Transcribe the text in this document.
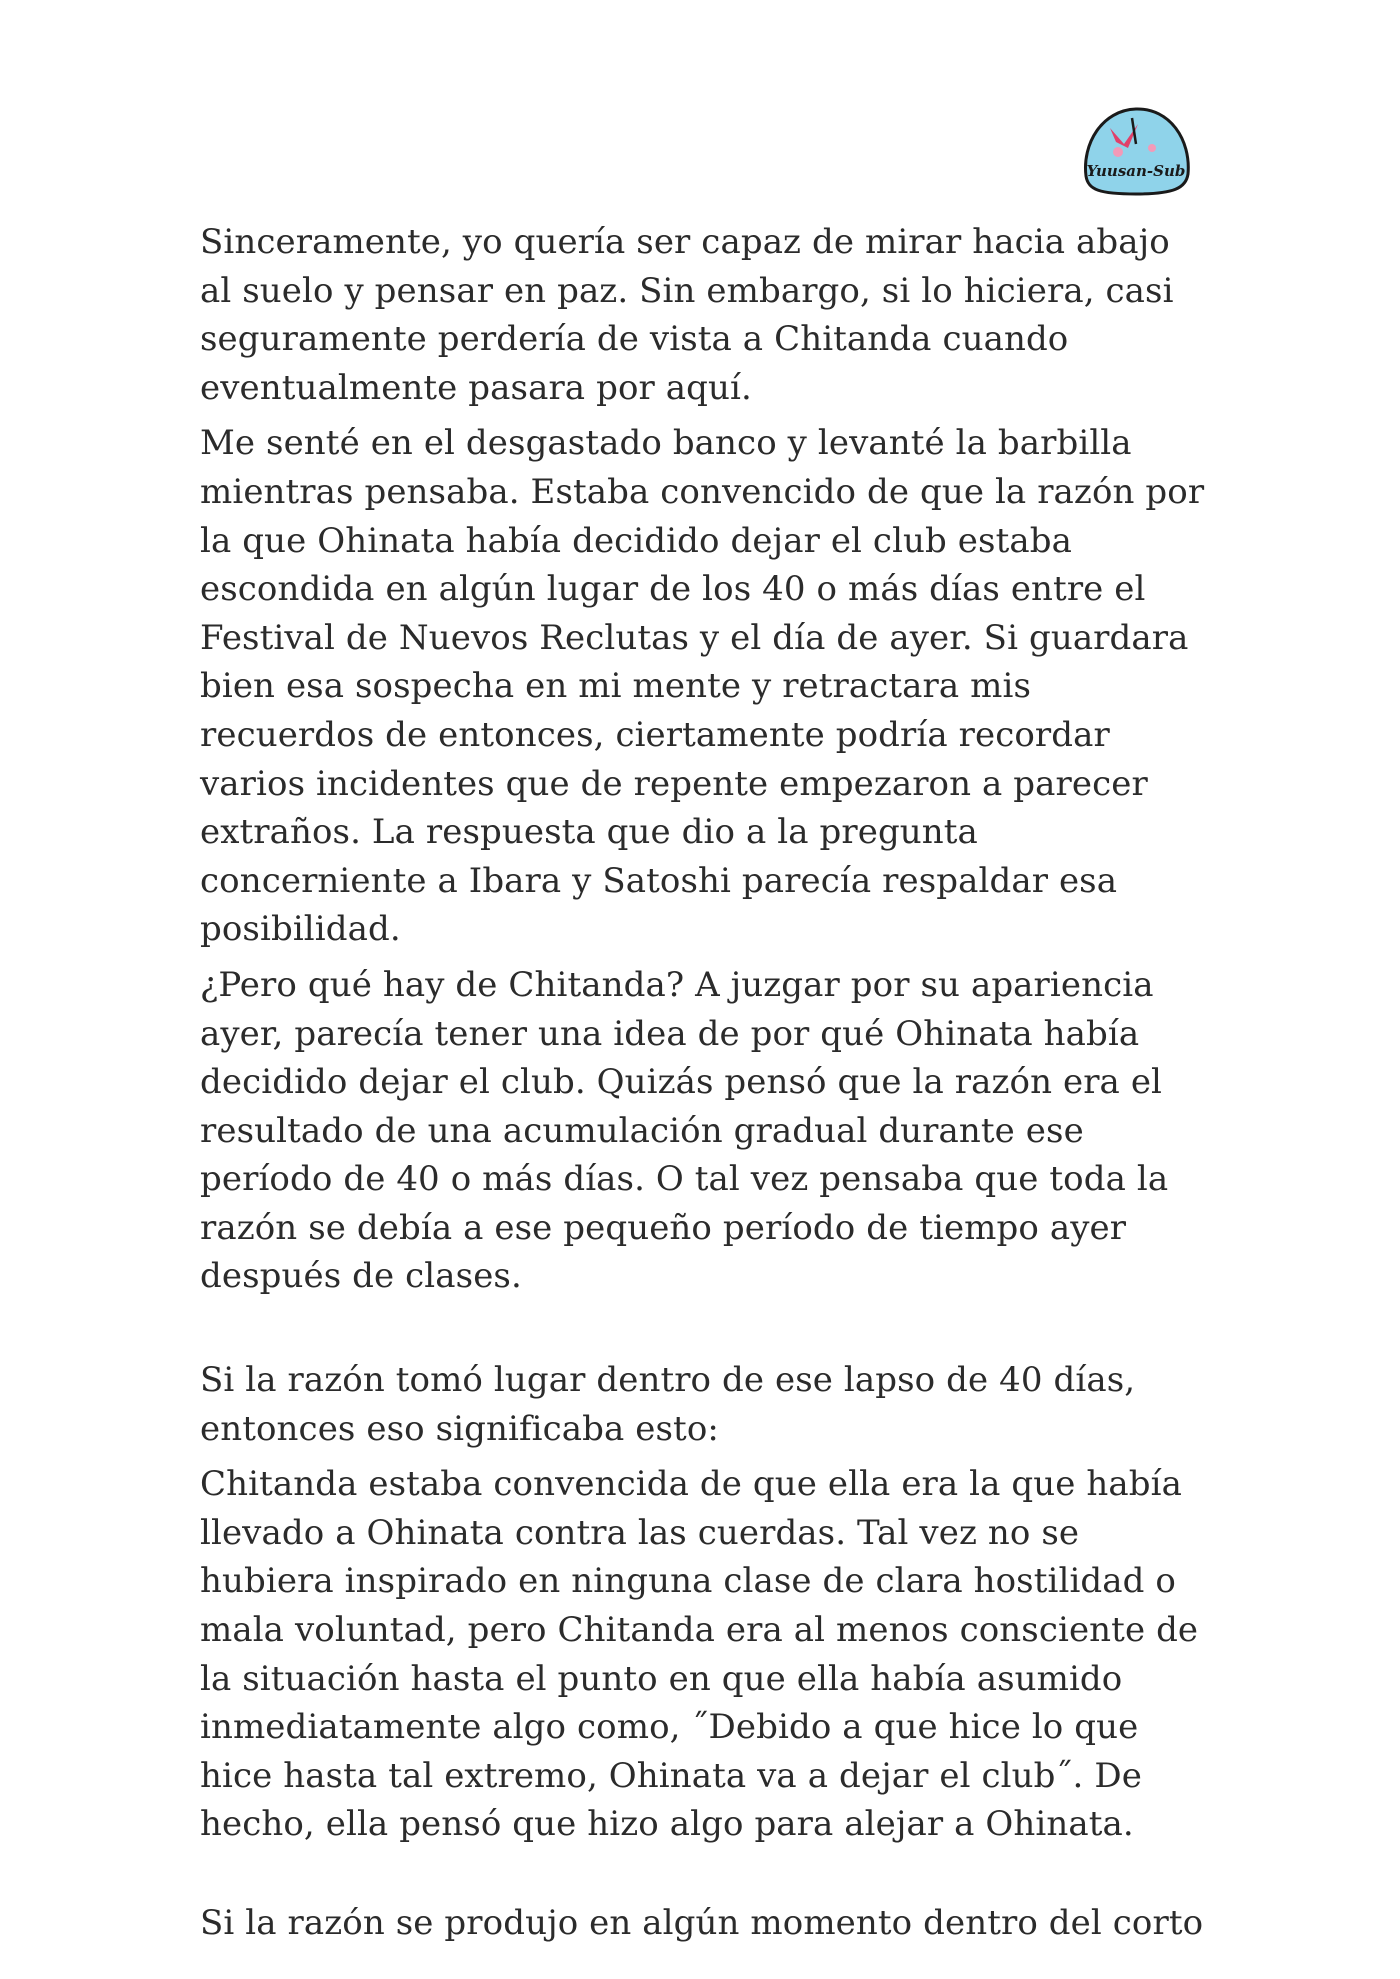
Yuusan-Sub

Sinceramente, yo quería ser capaz de mirar hacia abajo al suelo y pensar en paz. Sin embargo, si lo hiciera, casi seguramente perdería de vista a Chitanda cuando eventualmente pasara por aquí.

Me senté en el desgastado banco y levanté la barbilla mientras pensaba. Estaba convencido de que la razón por la que Ohinata había decidido dejar el club estaba escondida en algún lugar de los 40 o más días entre el Festival de Nuevos Reclutas y el día de ayer. Si guardara bien esa sospecha en mi mente y retractara mis recuerdos de entonces, ciertamente podría recordar varios incidentes que de repente empezaron a parecer extraños. La respuesta que dio a la pregunta concerniente a Ibara y Satoshi parecía respaldar esa posibilidad.

¿Pero qué hay de Chitanda? A juzgar por su apariencia ayer, parecía tener una idea de por qué Ohinata había decidido dejar el club. Quizás pensó que la razón era el resultado de una acumulación gradual durante ese período de 40 o más días. O tal vez pensaba que toda la razón se debía a ese pequeño período de tiempo ayer después de clases.

Si la razón tomó lugar dentro de ese lapso de 40 días, entonces eso significaba esto:

Chitanda estaba convencida de que ella era la que había llevado a Ohinata contra las cuerdas. Tal vez no se hubiera inspirado en ninguna clase de clara hostilidad o mala voluntad, pero Chitanda era al menos consciente de la situación hasta el punto en que ella había asumido inmediatamente algo como, ˝Debido a que hice lo que hice hasta tal extremo, Ohinata va a dejar el club˝. De hecho, ella pensó que hizo algo para alejar a Ohinata.

Si la razón se produjo en algún momento dentro del corto
